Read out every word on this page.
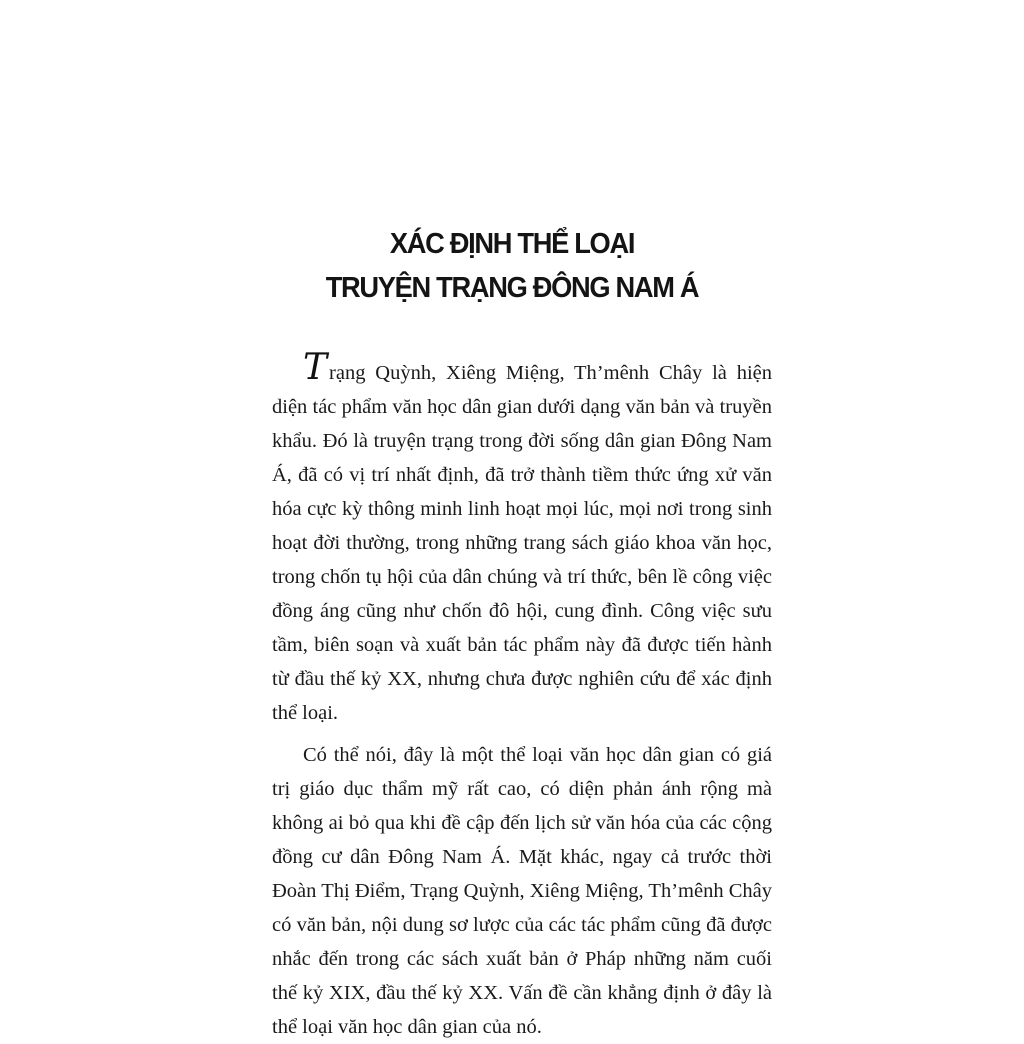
XÁC ĐỊNH THỂ LOẠI
TRUYỆN TRẠNG ĐÔNG NAM Á

Trạng Quỳnh, Xiêng Miệng, Th’mênh Chây là hiện diện tác phẩm văn học dân gian dưới dạng văn bản và truyền khẩu. Đó là truyện trạng trong đời sống dân gian Đông Nam Á, đã có vị trí nhất định, đã trở thành tiềm thức ứng xử văn hóa cực kỳ thông minh linh hoạt mọi lúc, mọi nơi trong sinh hoạt đời thường, trong những trang sách giáo khoa văn học, trong chốn tụ hội của dân chúng và trí thức, bên lề công việc đồng áng cũng như chốn đô hội, cung đình. Công việc sưu tầm, biên soạn và xuất bản tác phẩm này đã được tiến hành từ đầu thế kỷ XX, nhưng chưa được nghiên cứu để xác định thể loại.

Có thể nói, đây là một thể loại văn học dân gian có giá trị giáo dục thẩm mỹ rất cao, có diện phản ánh rộng mà không ai bỏ qua khi đề cập đến lịch sử văn hóa của các cộng đồng cư dân Đông Nam Á. Mặt khác, ngay cả trước thời Đoàn Thị Điểm, Trạng Quỳnh, Xiêng Miệng, Th’mênh Chây có văn bản, nội dung sơ lược của các tác phẩm cũng đã được nhắc đến trong các sách xuất bản ở Pháp những năm cuối thế kỷ XIX, đầu thế kỷ XX. Vấn đề cần khẳng định ở đây là thể loại văn học dân gian của nó.
